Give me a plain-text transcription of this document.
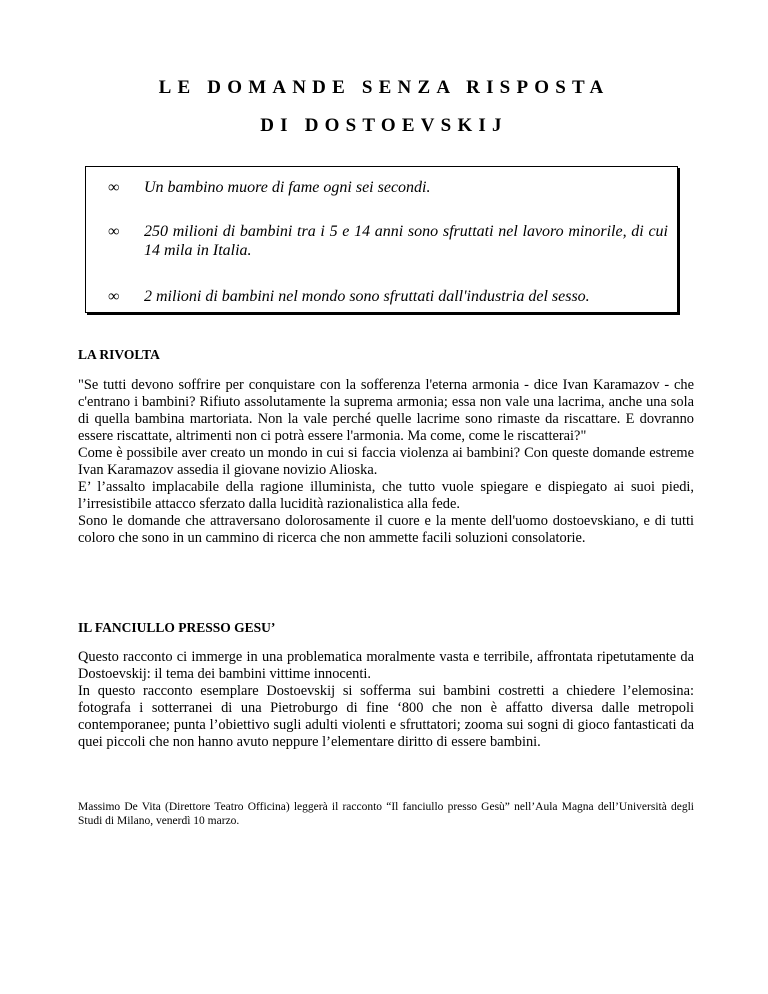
LE DOMANDE SENZA RISPOSTA
DI DOSTOEVSKIJ
∞ Un bambino muore di fame ogni sei secondi.
∞ 250 milioni di bambini tra i 5 e 14 anni sono sfruttati nel lavoro minorile, di cui 14 mila in Italia.
∞ 2 milioni di bambini nel mondo sono sfruttati dall'industria del sesso.
LA RIVOLTA

"Se tutti devono soffrire per conquistare con la sofferenza l'eterna armonia - dice Ivan Karamazov - che c'entrano i bambini? Rifiuto assolutamente la suprema armonia; essa non vale una lacrima, anche una sola di quella bambina martoriata. Non la vale perché quelle lacrime sono rimaste da riscattare. E dovranno essere riscattate, altrimenti non ci potrà essere l'armonia. Ma come, come le riscatterai?"

Come è possibile aver creato un mondo in cui si faccia violenza ai bambini? Con queste domande estreme Ivan Karamazov assedia il giovane novizio Alioska.

E’ l’assalto implacabile della ragione illuminista, che tutto vuole spiegare e dispiegato ai suoi piedi, l’irresistibile attacco sferzato dalla lucidità razionalistica alla fede.

Sono le domande che attraversano dolorosamente il cuore e la mente dell'uomo dostoevskiano, e di tutti coloro che sono in un cammino di ricerca che non ammette facili soluzioni consolatorie.

IL FANCIULLO PRESSO GESU’

Questo racconto ci immerge in una problematica moralmente vasta e terribile, affrontata ripetutamente da Dostoevskij: il tema dei bambini vittime innocenti.

In questo racconto esemplare Dostoevskij si sofferma sui bambini costretti a chiedere l’elemosina: fotografa i sotterranei di una Pietroburgo di fine ‘800 che non è affatto diversa dalle metropoli contemporanee; punta l’obiettivo sugli adulti violenti e sfruttatori; zooma sui sogni di gioco fantasticati da quei piccoli che non hanno avuto neppure l’elementare diritto di essere bambini.

Massimo De Vita (Direttore Teatro Officina) leggerà il racconto “Il fanciullo presso Gesù” nell’Aula Magna dell’Università degli Studi di Milano, venerdì 10 marzo.
